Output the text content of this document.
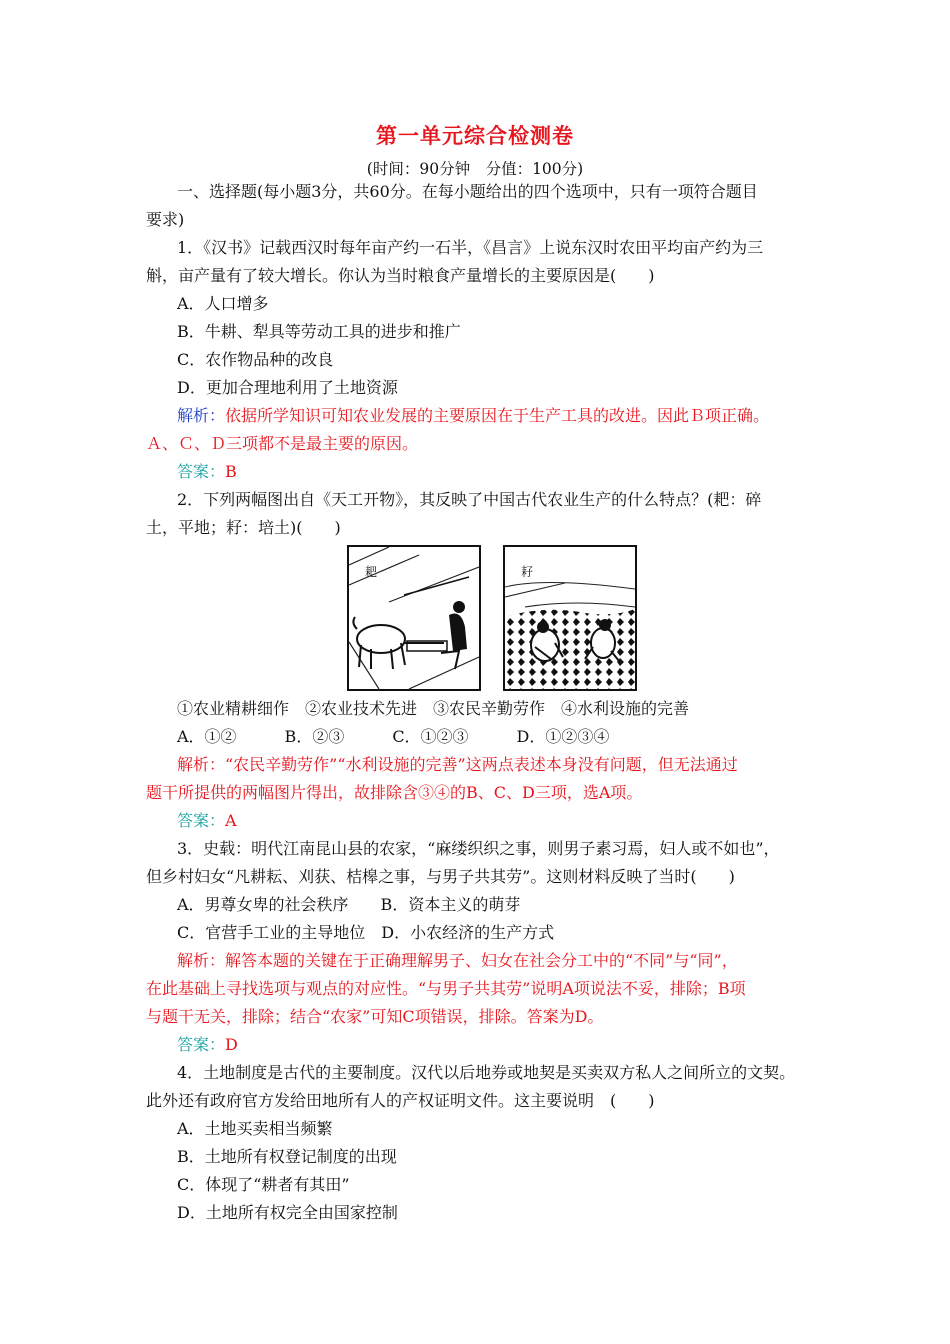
第一单元综合检测卷
(时间：90分钟　分值：100分)
一、选择题(每小题3分，共60分。在每小题给出的四个选项中，只有一项符合题目
要求)
1．《汉书》记载西汉时每年亩产约一石半，《昌言》上说东汉时农田平均亩产约为三
斛，亩产量有了较大增长。你认为当时粮食产量增长的主要原因是(　　)
A．人口增多
B．牛耕、犁具等劳动工具的进步和推广
C．农作物品种的改良
D．更加合理地利用了土地资源
解析：依据所学知识可知农业发展的主要原因在于生产工具的改进。因此Ｂ项正确。
Ａ、Ｃ、Ｄ三项都不是最主要的原因。
答案：B
2．下列两幅图出自《天工开物》，其反映了中国古代农业生产的什么特点？(耙：碎
土，平地；耔：培土)(　　)
耙	耔
①农业精耕细作　②农业技术先进　③农民辛勤劳作　④水利设施的完善
A．①②　　　B．②③　　　C．①②③　　　D．①②③④
解析：“农民辛勤劳作”“水利设施的完善”这两点表述本身没有问题，但无法通过
题干所提供的两幅图片得出，故排除含③④的B、C、D三项，选A项。
答案：A
3．史载：明代江南昆山县的农家，“麻缕织织之事，则男子素习焉，妇人或不如也”，
但乡村妇女“凡耕耘、刈获、桔槔之事，与男子共其劳”。这则材料反映了当时(　　)
A．男尊女卑的社会秩序　　B．资本主义的萌芽
C．官营手工业的主导地位　D．小农经济的生产方式
解析：解答本题的关键在于正确理解男子、妇女在社会分工中的“不同”与“同”，
在此基础上寻找选项与观点的对应性。“与男子共其劳”说明A项说法不妥，排除；B项
与题干无关，排除；结合“农家”可知C项错误，排除。答案为D。
答案：D
4．土地制度是古代的主要制度。汉代以后地券或地契是买卖双方私人之间所立的文契。
此外还有政府官方发给田地所有人的产权证明文件。这主要说明　(　　)
A．土地买卖相当频繁
B．土地所有权登记制度的出现
C．体现了“耕者有其田”
D．土地所有权完全由国家控制
